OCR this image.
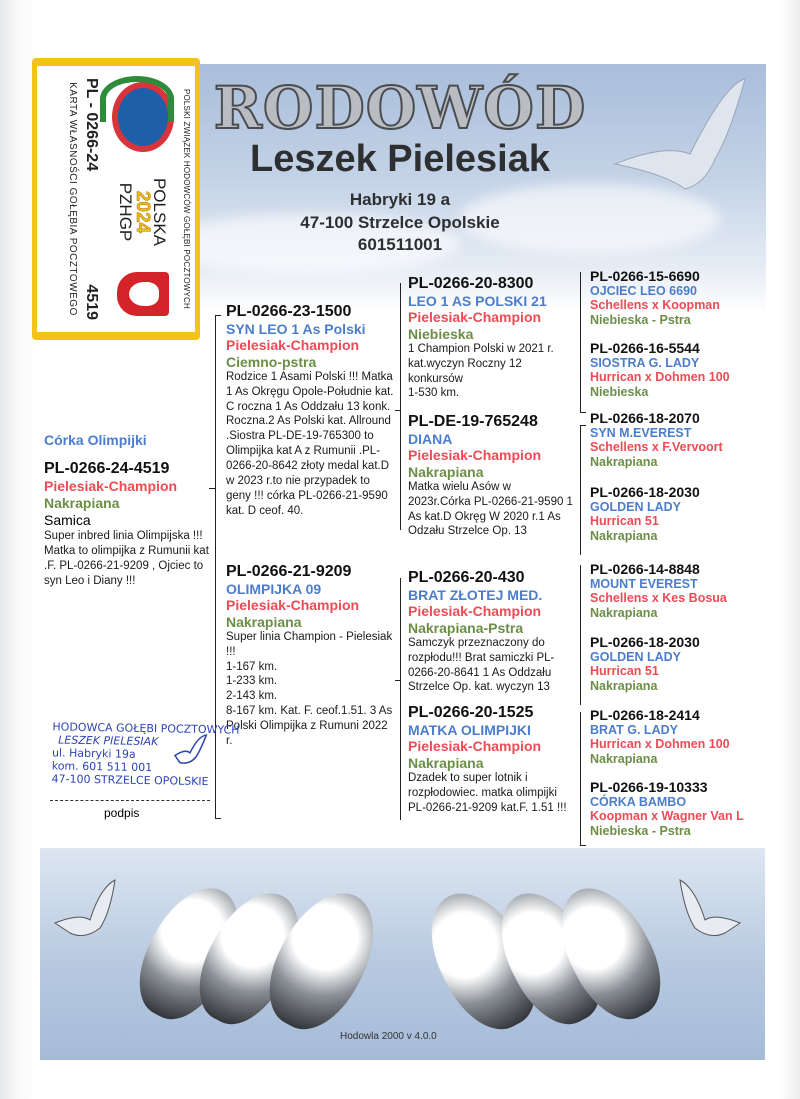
RODOWÓD
Leszek Pielesiak
Habryki 19 a
47-100 Strzelce Opolskie
601511001
POLSKI ZWIĄZEK HODOWCÓW GOŁĘBI POCZTOWYCH
POLSKA
2024
PZHGP
PL - 0266-24
4519
KARTA WŁASNOŚCI GOŁĘBIA POCZTOWEGO
Córka Olimpijki
PL-0266-24-4519
Pielesiak-Champion
Nakrapiana
Samica
Super inbred linia Olimpijska !!! Matka to olimpijka z Rumunii kat .F. PL-0266-21-9209 , Ojciec to syn Leo i Diany !!!
PL-0266-23-1500
SYN LEO 1 As Polski
Pielesiak-Champion
Ciemno-pstra
Rodzice 1 Asami Polski !!! Matka 1 As Okręgu Opole-Południe kat. C roczna 1 As Oddzału 13 konk. Roczna.2 As Polski kat. Allround .Siostra PL-DE-19-765300 to Olimpijka kat A z Rumunii .PL-0266-20-8642 złoty medal kat.D w 2023 r.to nie przypadek to geny !!! córka PL-0266-21-9590 kat. D ceof. 40.
PL-0266-21-9209
OLIMPIJKA 09
Pielesiak-Champion
Nakrapiana
Super linia Champion - Pielesiak !!!
1-167 km.
1-233 km.
2-143 km.
8-167 km. Kat. F. ceof.1.51. 3 As Polski Olimpijka z Rumuni 2022 r.
PL-0266-20-8300
LEO 1 AS POLSKI 21
Pielesiak-Champion
Niebieska
1 Champion Polski w 2021 r. kat.wyczyn Roczny 12 konkursów
1-530 km.
PL-DE-19-765248
DIANA
Pielesiak-Champion
Nakrapiana
Matka wielu Asów w 2023r.Córka PL-0266-21-9590 1 As kat.D Okręg W 2020 r.1 As Odzału Strzelce Op. 13
PL-0266-20-430
BRAT ZŁOTEJ MED.
Pielesiak-Champion
Nakrapiana-Pstra
Samczyk przeznaczony do rozpłodu!!! Brat samiczki PL-0266-20-8641 1 As Oddzału Strzelce Op. kat. wyczyn 13
PL-0266-20-1525
MATKA OLIMPIJKI
Pielesiak-Champion
Nakrapiana
Dzadek to super lotnik i rozpłodowiec. matka olimpijki PL-0266-21-9209 kat.F. 1.51 !!!
PL-0266-15-6690
OJCIEC LEO 6690
Schellens x Koopman
Niebieska - Pstra
PL-0266-16-5544
SIOSTRA G. LADY
Hurrican x Dohmen 100
Niebieska
PL-0266-18-2070
SYN M.EVEREST
Schellens x F.Vervoort
Nakrapiana
PL-0266-18-2030
GOLDEN LADY
Hurrican 51
Nakrapiana
PL-0266-14-8848
MOUNT EVEREST
Schellens x Kes Bosua
Nakrapiana
PL-0266-18-2030
GOLDEN LADY
Hurrican 51
Nakrapiana
PL-0266-18-2414
BRAT G. LADY
Hurrican x Dohmen 100
Nakrapiana
PL-0266-19-10333
CÓRKA BAMBO
Koopman x Wagner Van L
Niebieska - Pstra
HODOWCA GOŁĘBI POCZTOWYCH
LESZEK PIELESIAK
ul. Habryki 19a
kom. 601 511 001
47-100 STRZELCE OPOLSKIE
podpis
Hodowla 2000 v 4.0.0
